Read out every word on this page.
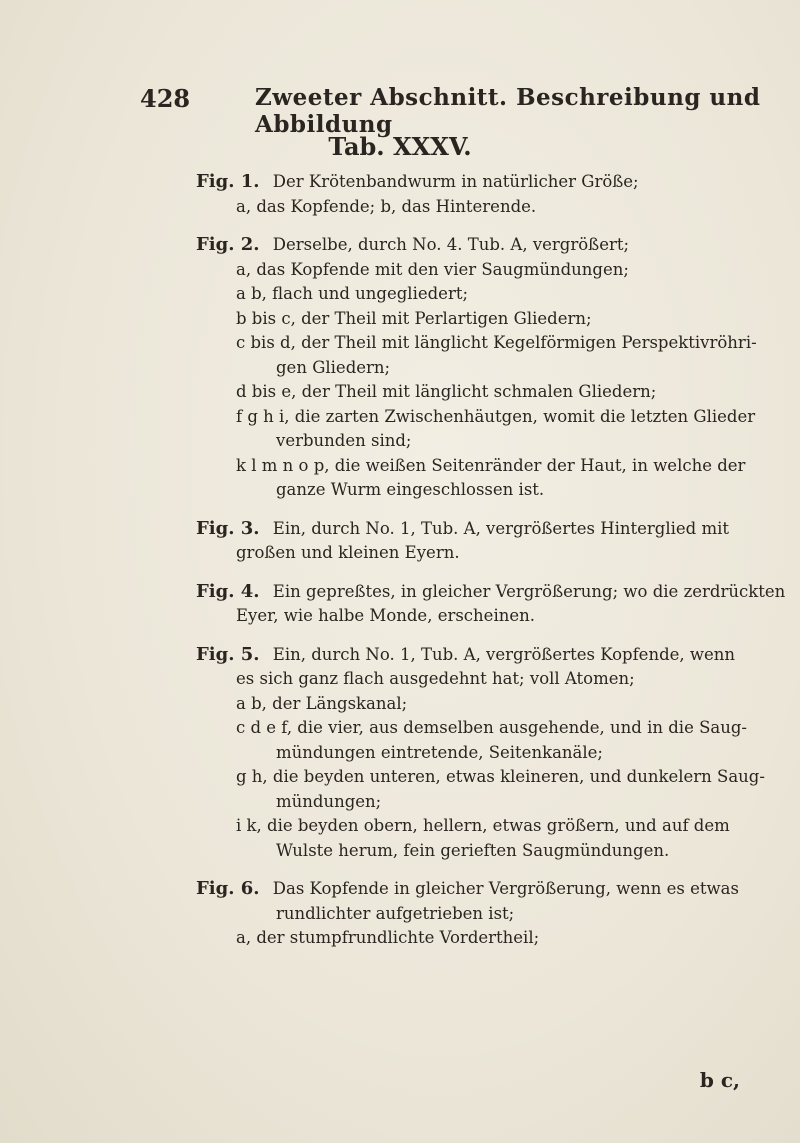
428	Zweeter Abschnitt. Beschreibung und Abbildung
Tab. XXXV.
Fig. 1. Der Krötenbandwurm in natürlicher Größe;
a, das Kopfende; b, das Hinterende.
Fig. 2. Derselbe, durch No. 4. Tub. A, vergrößert;
a, das Kopfende mit den vier Saugmündungen;
a b, flach und ungegliedert;
b bis c, der Theil mit Perlartigen Gliedern;
c bis d, der Theil mit länglicht Kegelförmigen Perspektivröhri-
gen Gliedern;
d bis e, der Theil mit länglicht schmalen Gliedern;
f g h i, die zarten Zwischenhäutgen, womit die letzten Glieder
verbunden sind;
k l m n o p, die weißen Seitenränder der Haut, in welche der
ganze Wurm eingeschlossen ist.
Fig. 3. Ein, durch No. 1, Tub. A, vergrößertes Hinterglied mit
großen und kleinen Eyern.
Fig. 4. Ein gepreßtes, in gleicher Vergrößerung; wo die zerdrückten
Eyer, wie halbe Monde, erscheinen.
Fig. 5. Ein, durch No. 1, Tub. A, vergrößertes Kopfende, wenn
es sich ganz flach ausgedehnt hat; voll Atomen;
a b, der Längskanal;
c d e f, die vier, aus demselben ausgehende, und in die Saug-
mündungen eintretende, Seitenkanäle;
g h, die beyden unteren, etwas kleineren, und dunkelern Saug-
mündungen;
i k, die beyden obern, hellern, etwas größern, und auf dem
Wulste herum, fein gerieften Saugmündungen.
Fig. 6. Das Kopfende in gleicher Vergrößerung, wenn es etwas
rundlichter aufgetrieben ist;
a, der stumpfrundlichte Vordertheil;
b c,
